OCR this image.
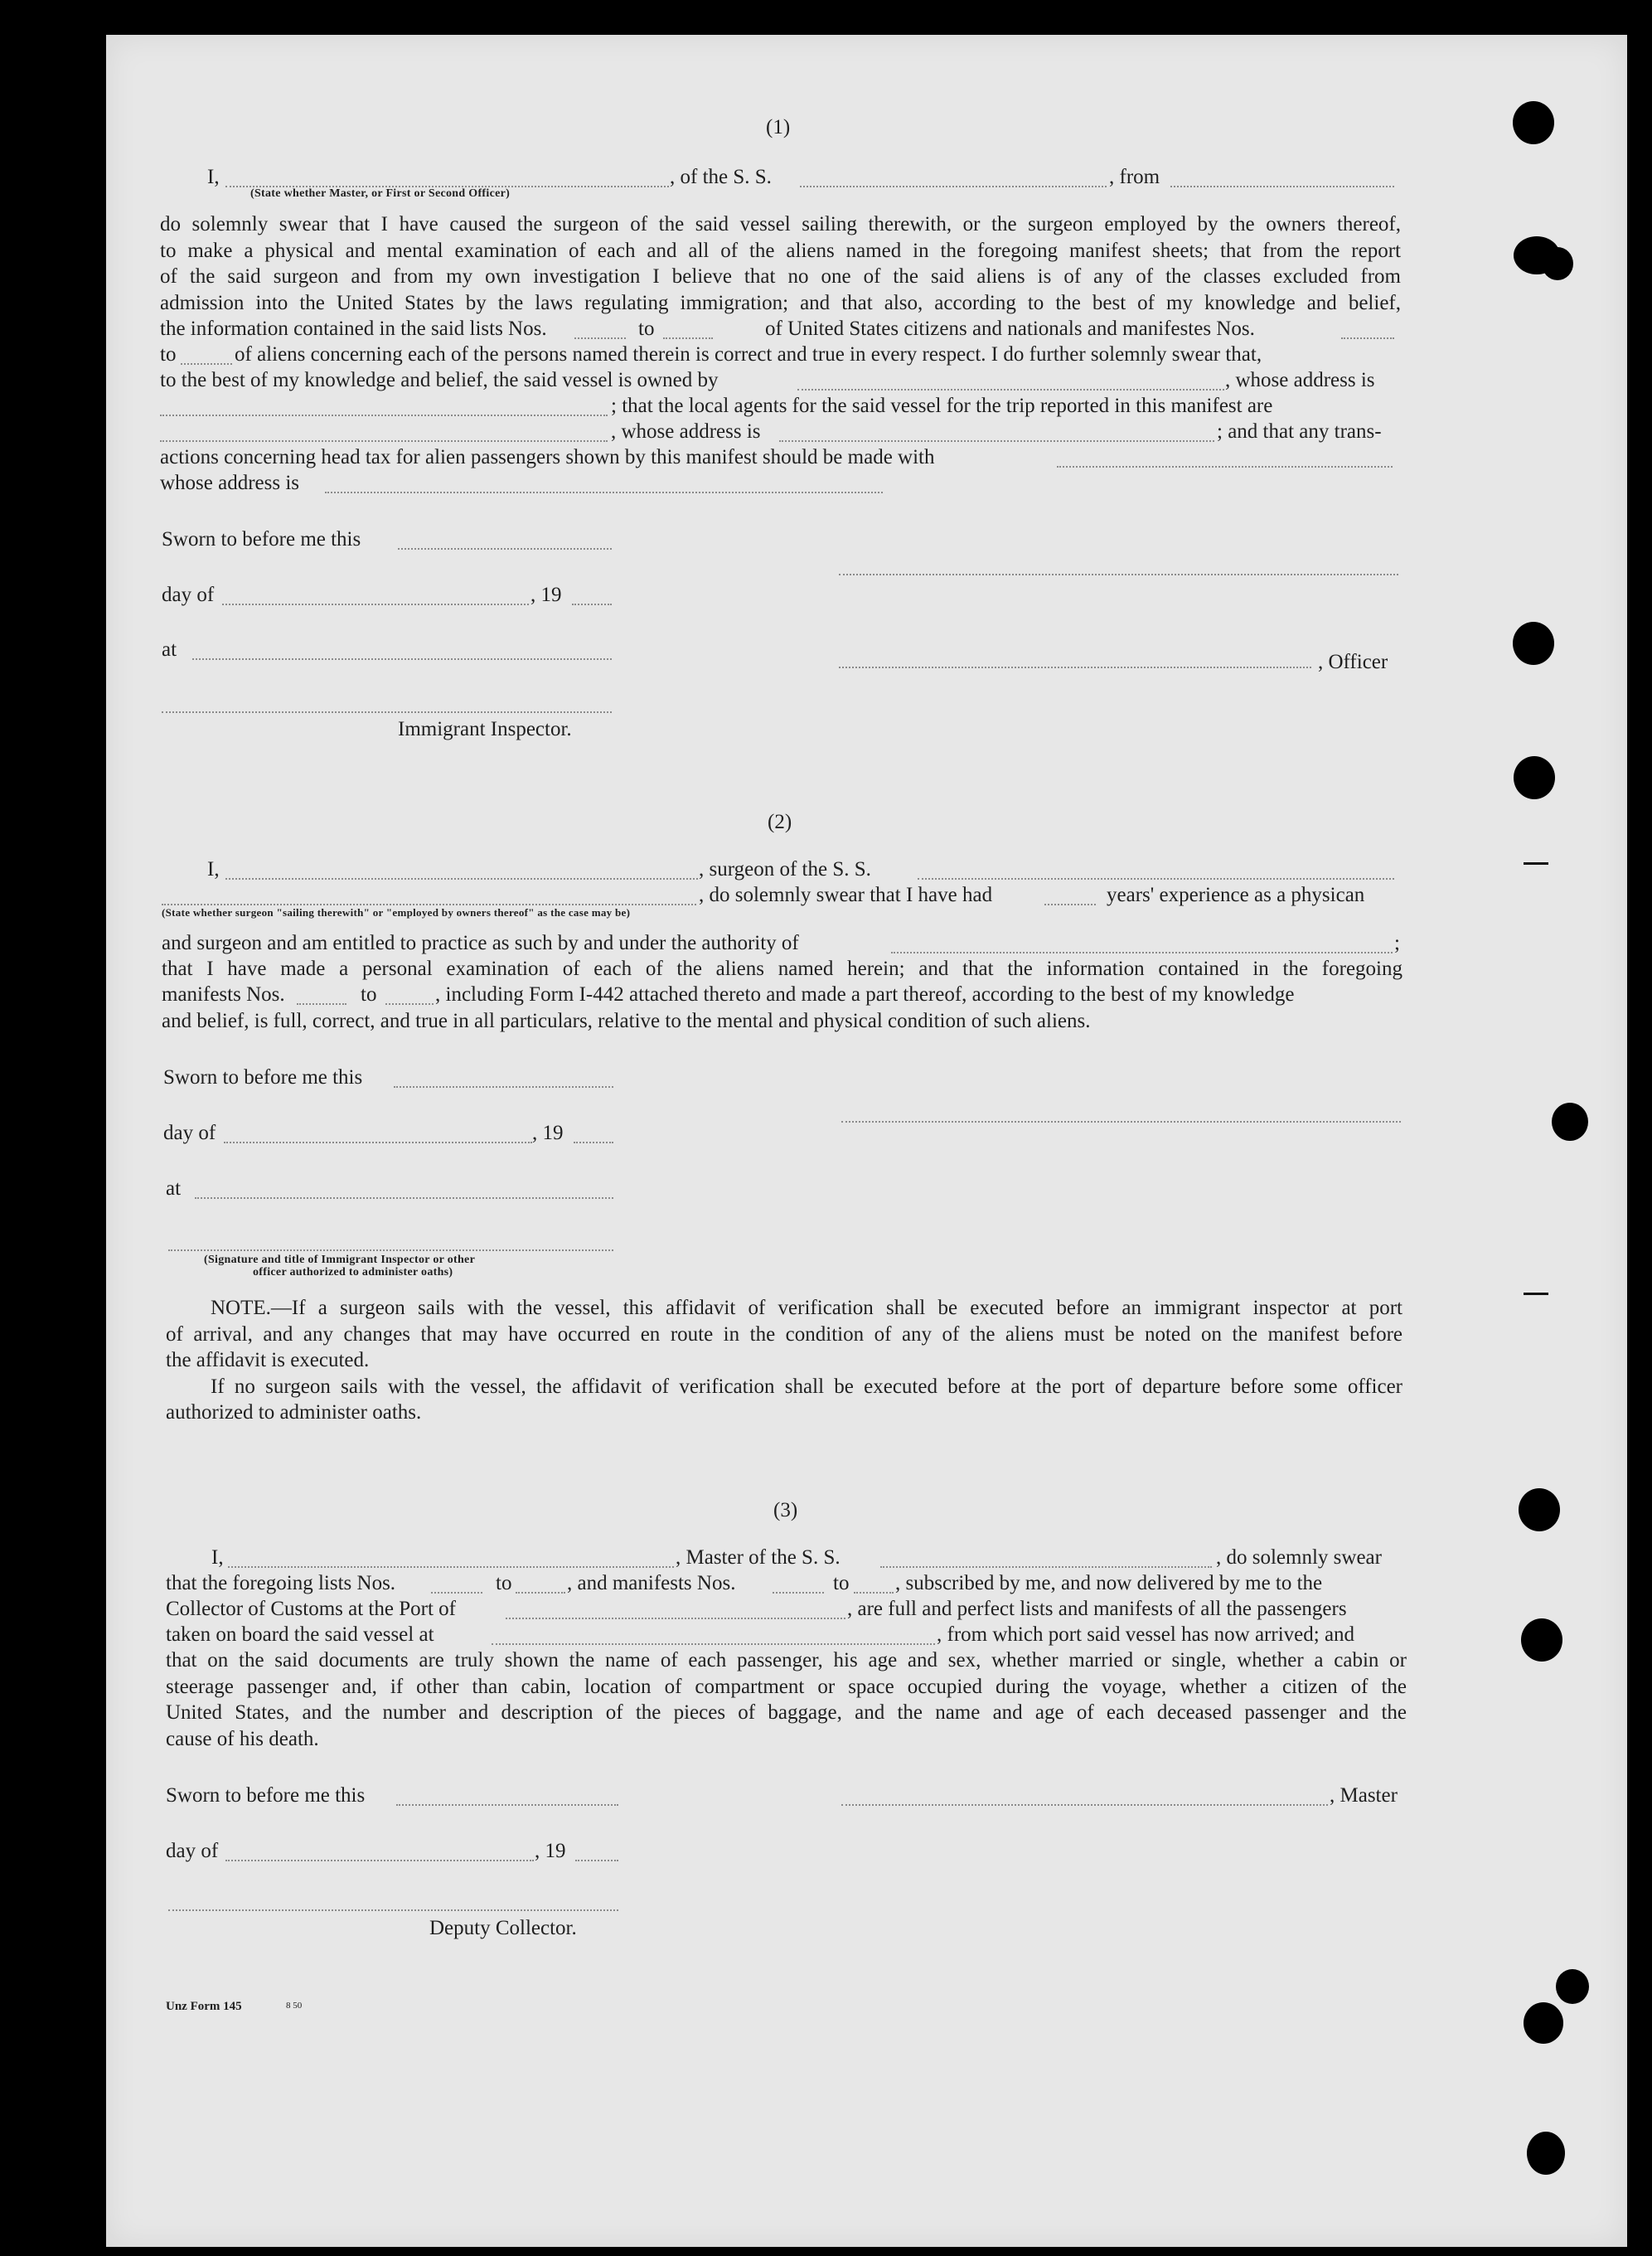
(1)
I,	, of the S. S.	, from
(State whether Master, or First or Second Officer)
do solemnly swear that I have caused the surgeon of the said vessel sailing therewith, or the surgeon employed by the owners thereof,
to make a physical and mental examination of each and all of the aliens named in the foregoing manifest sheets; that from the report
of the said surgeon and from my own investigation I believe that no one of the said aliens is of any of the classes excluded from
admission into the United States by the laws regulating immigration; and that also, according to the best of my knowledge and belief,
the information contained in the said lists Nos.	to	of United States citizens and nationals and manifestes Nos.
to	of aliens concerning each of the persons named therein is correct and true in every respect. I do further solemnly swear that,
to the best of my knowledge and belief, the said vessel is owned by	, whose address is
; that the local agents for the said vessel for the trip reported in this manifest are
, whose address is	; and that any trans-
actions concerning head tax for alien passengers shown by this manifest should be made with
whose address is
Sworn to before me this
day of	, 19
at
, Officer
Immigrant Inspector.
(2)
I,	, surgeon of the S. S.
, do solemnly swear that I have had	years' experience as a physican
(State whether surgeon "sailing therewith" or "employed by owners thereof" as the case may be)
and surgeon and am entitled to practice as such by and under the authority of	;
that I have made a personal examination of each of the aliens named herein; and that the information contained in the foregoing
manifests Nos.	to	, including Form I-442 attached thereto and made a part thereof, according to the best of my knowledge
and belief, is full, correct, and true in all particulars, relative to the mental and physical condition of such aliens.
Sworn to before me this
day of	, 19
at
(Signature and title of Immigrant Inspector or other
officer authorized to administer oaths)
NOTE.—If a surgeon sails with the vessel, this affidavit of verification shall be executed before an immigrant inspector at port
of arrival, and any changes that may have occurred en route in the condition of any of the aliens must be noted on the manifest before
the affidavit is executed.
If no surgeon sails with the vessel, the affidavit of verification shall be executed before at the port of departure before some officer
authorized to administer oaths.
(3)
I,	, Master of the S. S.	, do solemnly swear
that the foregoing lists Nos.	to	, and manifests Nos.	to , subscribed by me, and now delivered by me to the
Collector of Customs at the Port of	, are full and perfect lists and manifests of all the passengers
taken on board the said vessel at	, from which port said vessel has now arrived; and
that on the said documents are truly shown the name of each passenger, his age and sex, whether married or single, whether a cabin or
steerage passenger and, if other than cabin, location of compartment or space occupied during the voyage, whether a citizen of the
United States, and the number and description of the pieces of baggage, and the name and age of each deceased passenger and the
cause of his death.
Sworn to before me this	, Master
day of	, 19
Deputy Collector.
Unz Form 145	8 50
